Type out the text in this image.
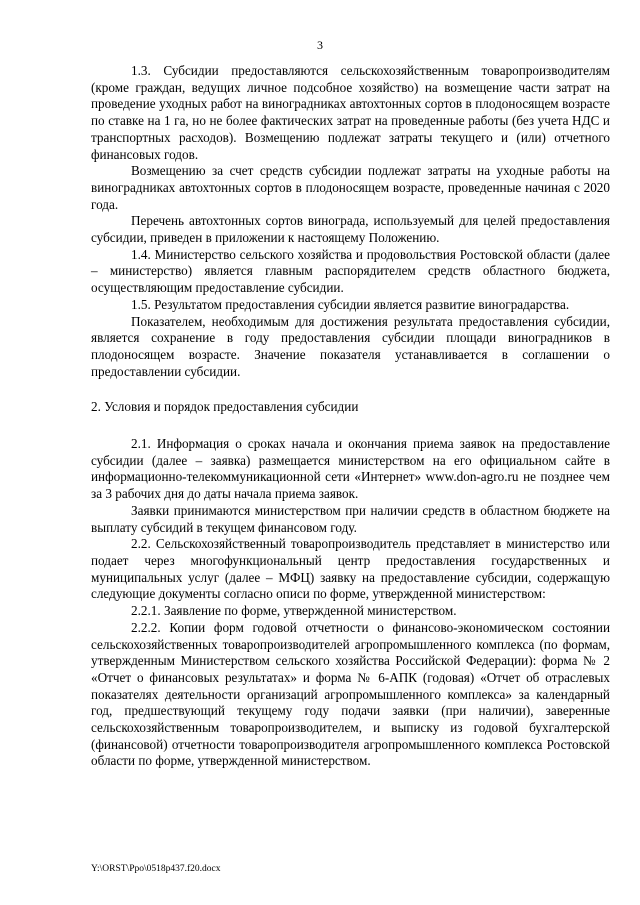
3

1.3. Субсидии предоставляются сельскохозяйственным товаропроизводителям (кроме граждан, ведущих личное подсобное хозяйство) на возмещение части затрат на проведение уходных работ на виноградниках автохтонных сортов в плодоносящем возрасте по ставке на 1 га, но не более фактических затрат на проведенные работы (без учета НДС и транспортных расходов). Возмещению подлежат затраты текущего и (или) отчетного финансовых годов.

Возмещению за счет средств субсидии подлежат затраты на уходные работы на виноградниках автохтонных сортов в плодоносящем возрасте, проведенные начиная с 2020 года.

Перечень автохтонных сортов винограда, используемый для целей предоставления субсидии, приведен в приложении к настоящему Положению.

1.4. Министерство сельского хозяйства и продовольствия Ростовской области (далее – министерство) является главным распорядителем средств областного бюджета, осуществляющим предоставление субсидии.

1.5. Результатом предоставления субсидии является развитие виноградарства.

Показателем, необходимым для достижения результата предоставления субсидии, является сохранение в году предоставления субсидии площади виноградников в плодоносящем возрасте. Значение показателя устанавливается в соглашении о предоставлении субсидии.

2. Условия и порядок предоставления субсидии

2.1. Информация о сроках начала и окончания приема заявок на предоставление субсидии (далее – заявка) размещается министерством на его официальном сайте в информационно-телекоммуникационной сети «Интернет» www.don-agro.ru не позднее чем за 3 рабочих дня до даты начала приема заявок.

Заявки принимаются министерством при наличии средств в областном бюджете на выплату субсидий в текущем финансовом году.

2.2. Сельскохозяйственный товаропроизводитель представляет в министерство или подает через многофункциональный центр предоставления государственных и муниципальных услуг (далее – МФЦ) заявку на предоставление субсидии, содержащую следующие документы согласно описи по форме, утвержденной министерством:

2.2.1. Заявление по форме, утвержденной министерством.

2.2.2. Копии форм годовой отчетности о финансово-экономическом состоянии сельскохозяйственных товаропроизводителей агропромышленного комплекса (по формам, утвержденным Министерством сельского хозяйства Российской Федерации): форма № 2 «Отчет о финансовых результатах» и форма № 6-АПК (годовая) «Отчет об отраслевых показателях деятельности организаций агропромышленного комплекса» за календарный год, предшествующий текущему году подачи заявки (при наличии), заверенные сельскохозяйственным товаропроизводителем, и выписку из годовой бухгалтерской (финансовой) отчетности товаропроизводителя агропромышленного комплекса Ростовской области по форме, утвержденной министерством.

Y:\ORST\Ppo\0518p437.f20.docx
